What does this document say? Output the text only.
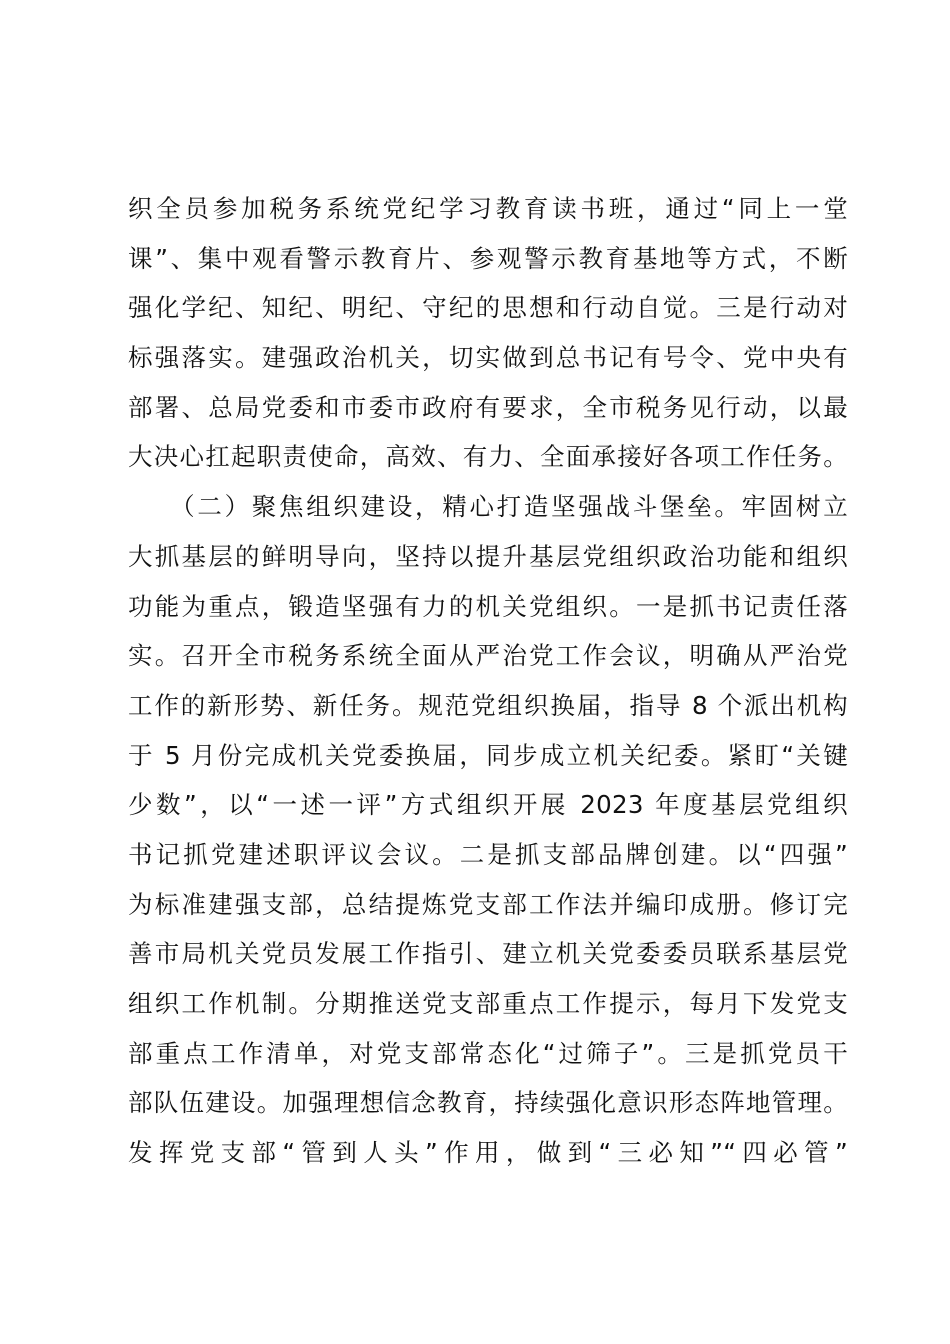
织全员参加税务系统党纪学习教育读书班，通过“同上一堂
课”、集中观看警示教育片、参观警示教育基地等方式，不断
强化学纪、知纪、明纪、守纪的思想和行动自觉。三是行动对
标强落实。建强政治机关，切实做到总书记有号令、党中央有
部署、总局党委和市委市政府有要求，全市税务见行动，以最
大决心扛起职责使命，高效、有力、全面承接好各项工作任务。
　　（二）聚焦组织建设，精心打造坚强战斗堡垒。牢固树立
大抓基层的鲜明导向，坚持以提升基层党组织政治功能和组织
功能为重点，锻造坚强有力的机关党组织。一是抓书记责任落
实。召开全市税务系统全面从严治党工作会议，明确从严治党
工作的新形势、新任务。规范党组织换届，指导 8 个派出机构
于 5 月份完成机关党委换届，同步成立机关纪委。紧盯“关键
少数”，以“一述一评”方式组织开展 2023 年度基层党组织
书记抓党建述职评议会议。二是抓支部品牌创建。以“四强”
为标准建强支部，总结提炼党支部工作法并编印成册。修订完
善市局机关党员发展工作指引、建立机关党委委员联系基层党
组织工作机制。分期推送党支部重点工作提示，每月下发党支
部重点工作清单，对党支部常态化“过筛子”。三是抓党员干
部队伍建设。加强理想信念教育，持续强化意识形态阵地管理。
发挥党支部“管到人头”作用，做到“三必知”“四必管”
